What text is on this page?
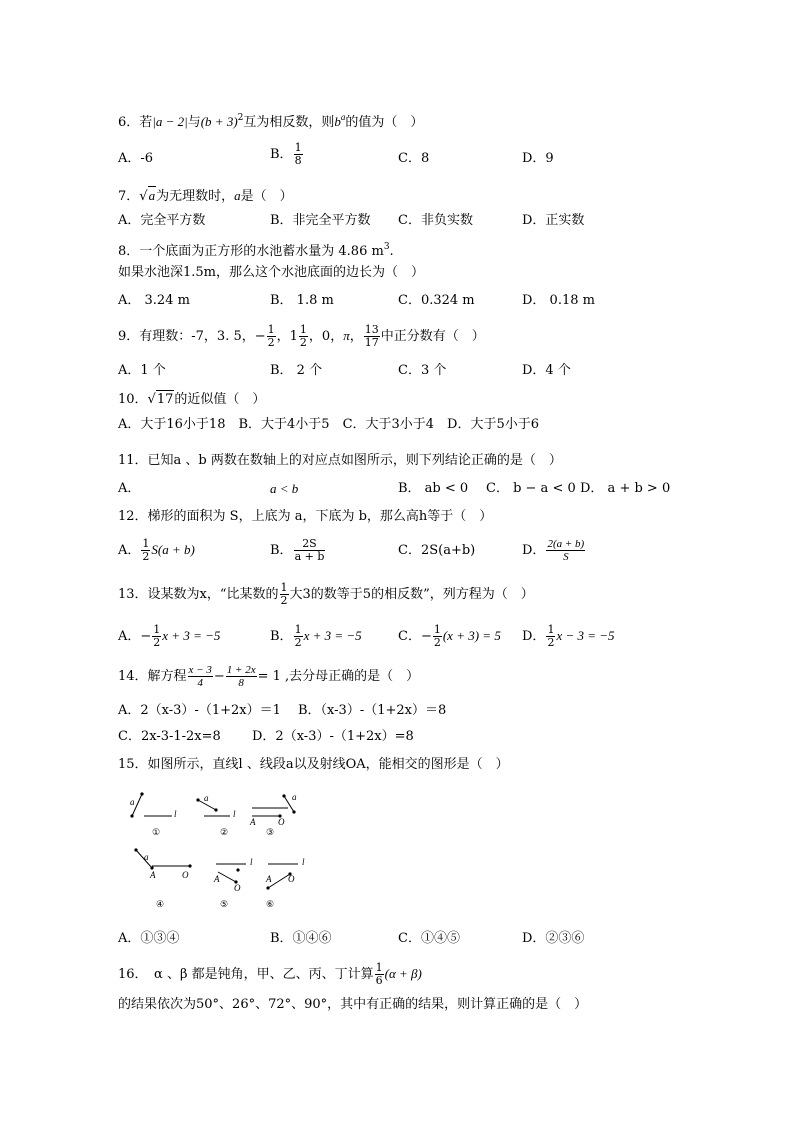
6．若|a − 2|与$(b + 3)^2$互为相反数，则$b^a$的值为（　）
A．-6	B． $\frac{1}{8}$	C．8	D．9
7．√a为无理数时，a是（　）
A．完全平方数	B．非完全平方数 C．非负实数	D．正实数
8．一个底面为正方形的水池蓄水量为 4.86 $m^3$.
如果水池深1.5m，那么这个水池底面的边长为（　）
A． 3.24 m	B． 1.8 m	C．0.324 m	D． 0.18 m
9．有理数：-7，3. 5，− $\frac{1}{2}$ ，$1 \frac{1}{2}$ ，0，π， $\frac{13}{17}$ 中正分数有（　）
A．1 个	B． 2 个	C．3 个	D．4 个
10．√17的近似值（　）
A．大于16小于18　B．大于4小于5　C．大于3小于4　D．大于5小于6
11．已知a 、b 两数在数轴上的对应点如图所示，则下列结论正确的是（　）
A．	a < b	B． ab < 0 C． b − a < 0 D． a + b > 0
12．梯形的面积为 S，上底为 a，下底为 b，那么高h等于（　）
A． $\frac{1}{2} S(a + b)$	B． $\frac{2S}{a + b}$	C．2S(a+b)	D． $\frac{2(a + b)}{S}$
13．设某数为x，“比某数的 $\frac{1}{2}$ 大3的数等于5的相反数”，列方程为（　）
A．− $\frac{1}{2}$ x + 3 = −5	B． $\frac{1}{2}$ x + 3 = −5	C．− $\frac{1}{2} (x + 3) = 5$ D． $\frac{1}{2}$ x − 3 = −5
14．解方程 $\frac{x - 3}{4} - \frac{1 + 2x}{8} = 1$ ,去分母正确的是（　）
A．2（x-3）-（1+2x）＝1 B．（x-3）-（1+2x）＝8
C．2x-3-1-2x=8 D．2（x-3）-（1+2x）=8
15．如图所示，直线l 、线段a以及射线OA，能相交的图形是（　）
a
l
①
a
l
②
a
A	O
③
a
A	O
④
l
A
O
⑤
l
A O
⑥
A．①③④	B．①④⑥	C．①④⑤	D．②③⑥
16．　α 、β 都是钝角，甲、乙、丙、丁计算 $\frac{1}{6} (\alpha + \beta)$
的结果依次为50°、26°、72°、90°，其中有正确的结果，则计算正确的是（　）
